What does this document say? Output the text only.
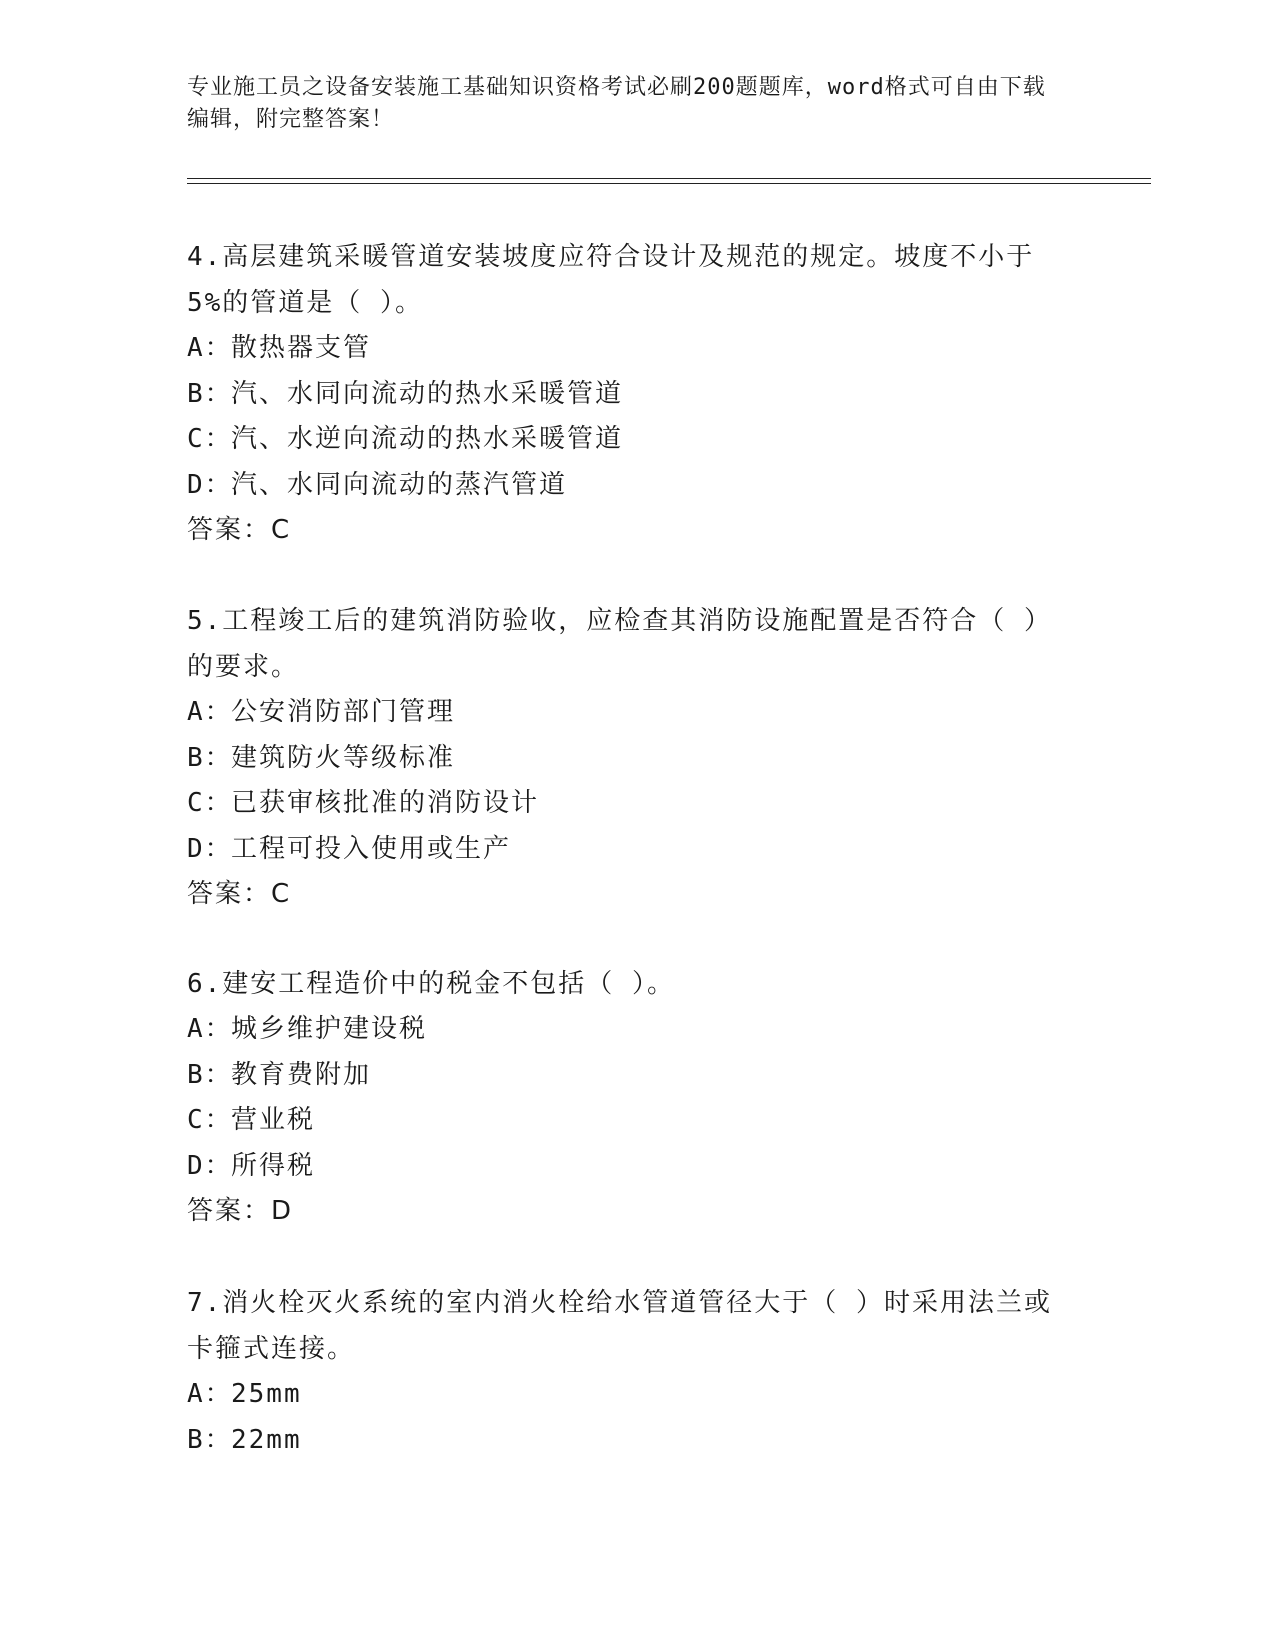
专业施工员之设备安装施工基础知识资格考试必刷200题题库，word格式可自由下载编辑，附完整答案！

4.高层建筑采暖管道安装坡度应符合设计及规范的规定。坡度不小于5%的管道是（ ）。

A：散热器支管

B：汽、水同向流动的热水采暖管道

C：汽、水逆向流动的热水采暖管道

D：汽、水同向流动的蒸汽管道

答案：C

5.工程竣工后的建筑消防验收，应检查其消防设施配置是否符合（ ）的要求。

A：公安消防部门管理

B：建筑防火等级标准

C：已获审核批准的消防设计

D：工程可投入使用或生产

答案：C

6.建安工程造价中的税金不包括（ ）。

A：城乡维护建设税

B：教育费附加

C：营业税

D：所得税

答案：D

7.消火栓灭火系统的室内消火栓给水管道管径大于（ ）时采用法兰或卡箍式连接。

A：25mm

B：22mm
